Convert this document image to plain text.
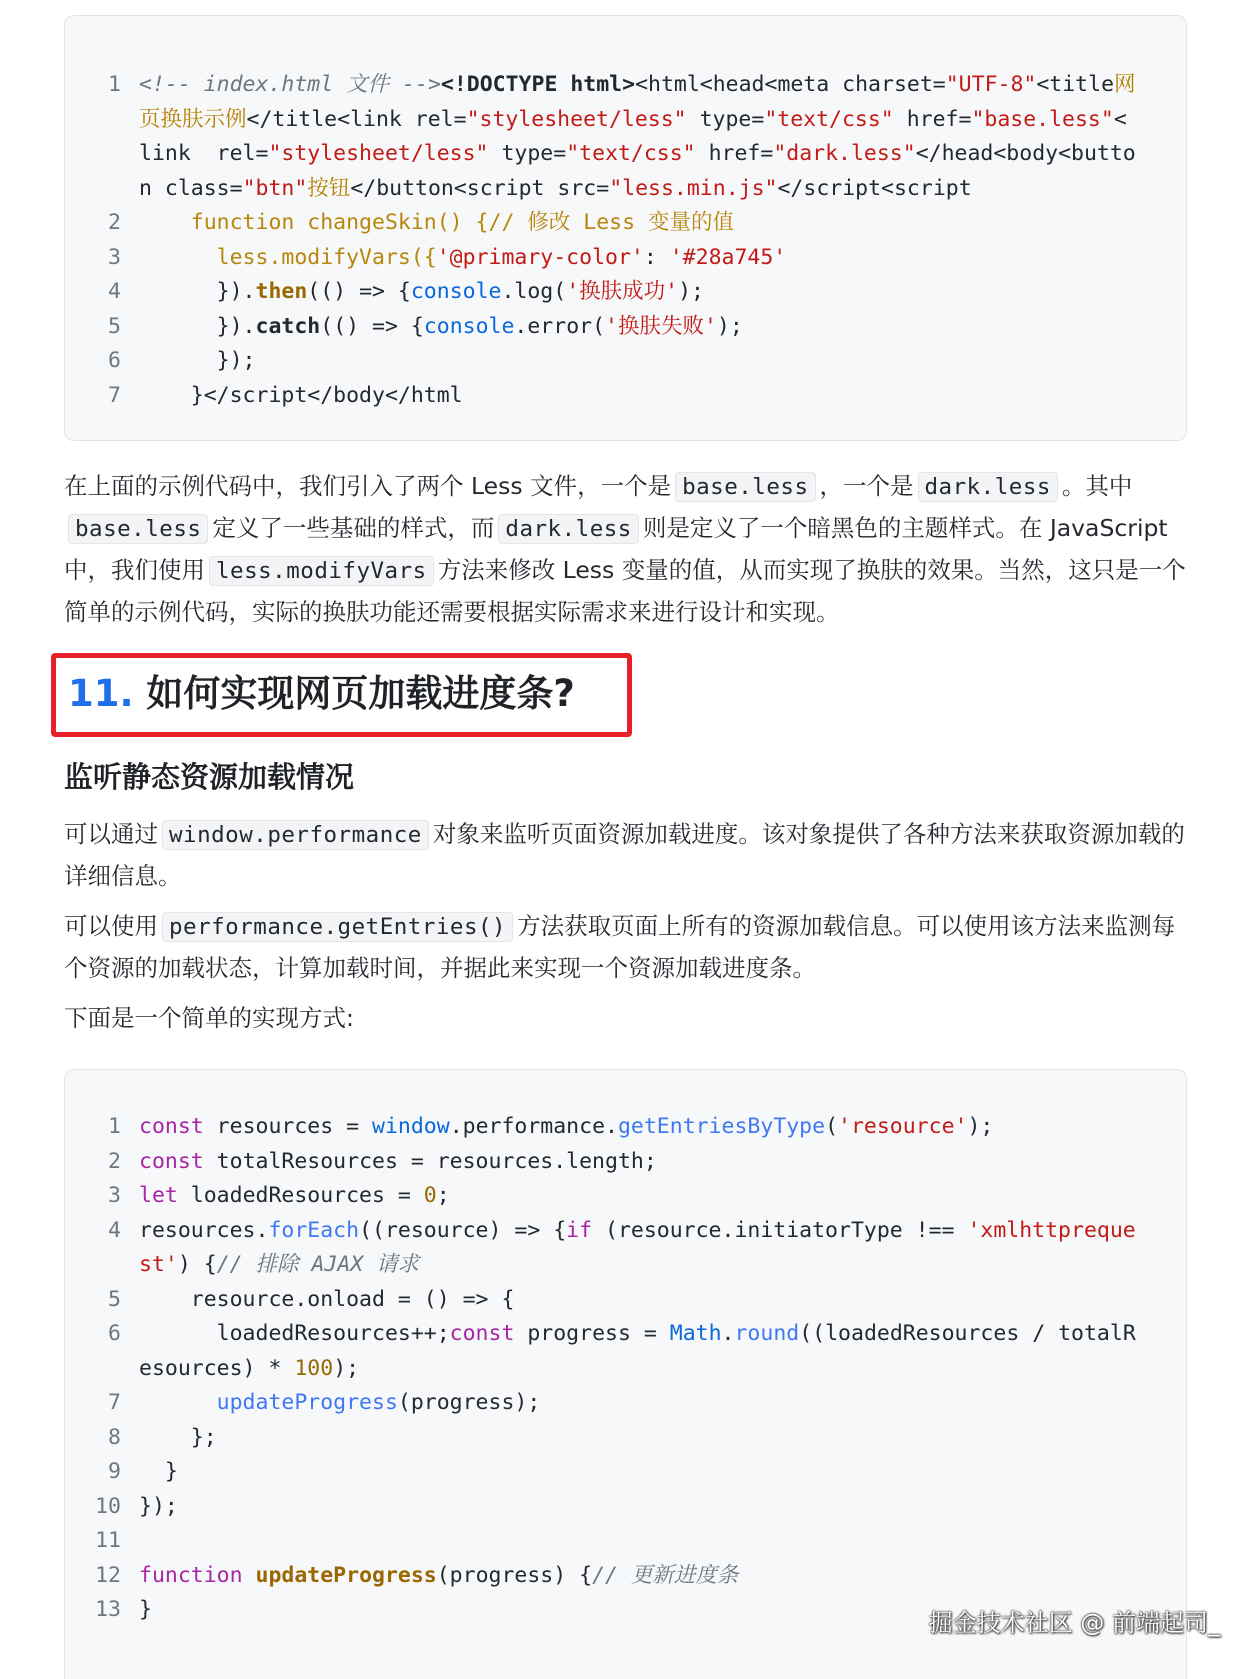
1 <!-- index.html 文件 --><!DOCTYPE html><html<head<meta charset="UTF-8"<title网页换肤示例</title<link rel="stylesheet/less" type="text/css" href="base.less"<link  rel="stylesheet/less" type="text/css" href="dark.less"</head<body<button class="btn"按钮</button<script src="less.min.js"</script<script
2 function changeSkin() {// 修改 Less 变量的值
3 less.modifyVars({'@primary-color': '#28a745'
4 }).then(() => {console.log('换肤成功');
5 }).catch(() => {console.error('换肤失败');
6 });
7 }</script</body</html

在上面的示例代码中，我们引入了两个 Less 文件，一个是 base.less ，一个是 dark.less 。其中base.less 定义了一些基础的样式，而 dark.less 则是定义了一个暗黑色的主题样式。在 JavaScript 中，我们使用 less.modifyVars 方法来修改 Less 变量的值，从而实现了换肤的效果。当然，这只是一个简单的示例代码，实际的换肤功能还需要根据实际需求来进行设计和实现。

11. 如何实现网页加载进度条?
监听静态资源加载情况

可以通过 window.performance 对象来监听页面资源加载进度。该对象提供了各种方法来获取资源加载的详细信息。

可以使用 performance.getEntries() 方法获取页面上所有的资源加载信息。可以使用该方法来监测每个资源的加载状态，计算加载时间，并据此来实现一个资源加载进度条。

下面是一个简单的实现方式:

1 const resources = window.performance.getEntriesByType('resource');
2 const totalResources = resources.length;
3 let loadedResources = 0;
4 resources.forEach((resource) => {if (resource.initiatorType !== 'xmlhttprequest') {// 排除 AJAX 请求
5 resource.onload = () => {
6 loadedResources++;const progress = Math.round((loadedResources / totalResources) * 100);
7	updateProgress(progress);
8 };
9 }
10 });
11

12 function updateProgress(progress) {// 更新进度条
13 }	掘金技术社区 @ 前端起司_
